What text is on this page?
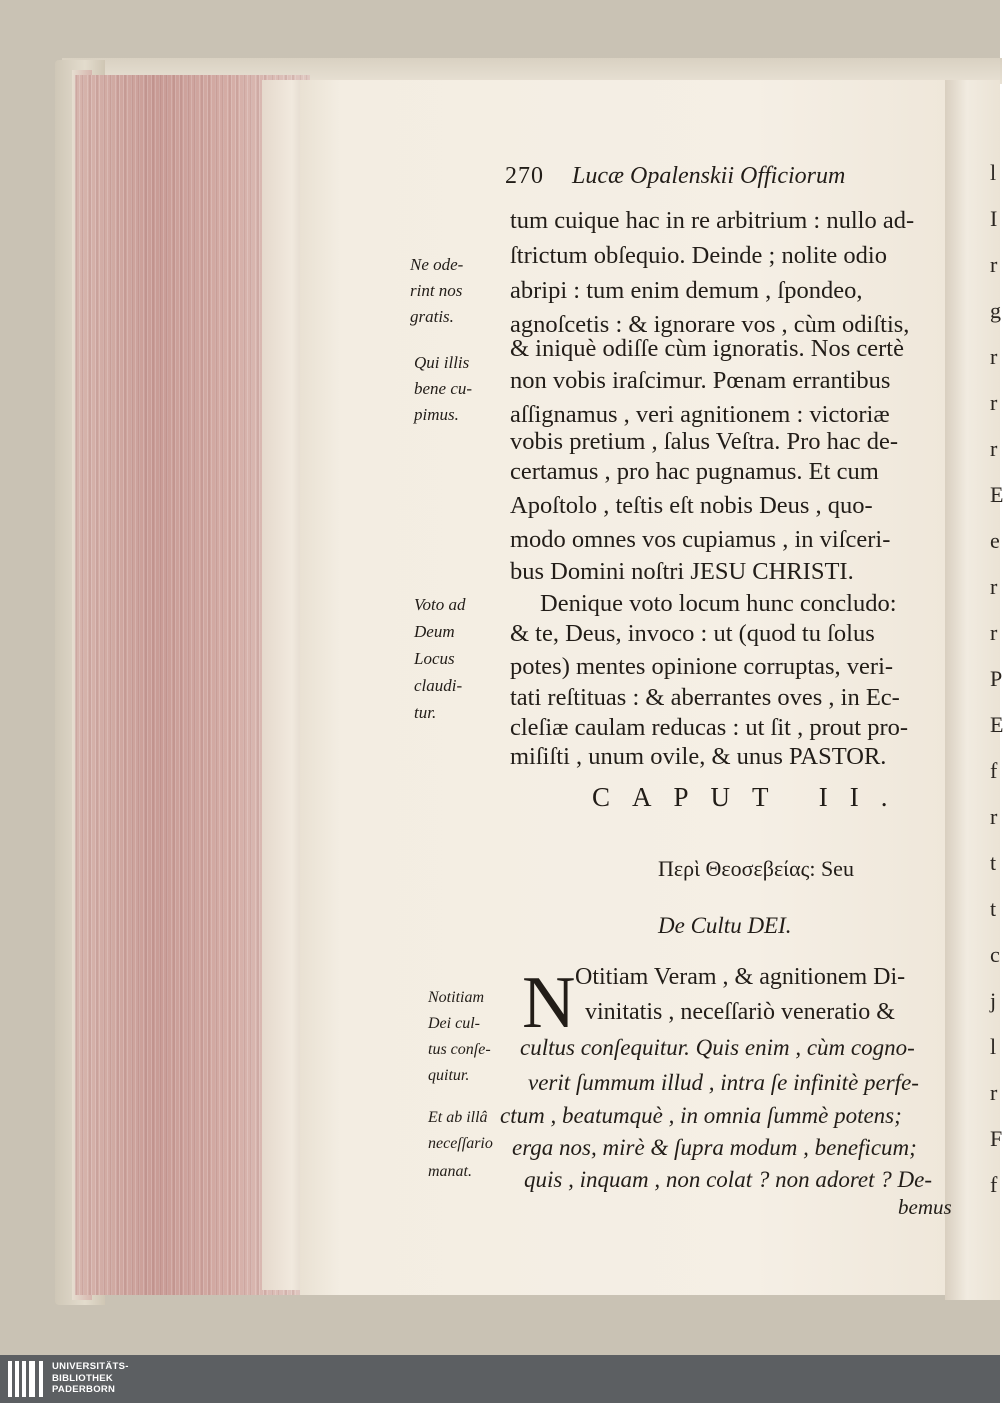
270 Lucæ Opalenskii Officiorum
tum cuique hac in re arbitrium : nullo ad-
ſtrictum obſequio. Deinde ; nolite odio
abripi : tum enim demum , ſpondeo,
agnoſcetis : & ignorare vos , cùm odiſtis,
& iniquè odiſſe cùm ignoratis. Nos certè
non vobis iraſcimur. Pœnam errantibus
aſſignamus , veri agnitionem : victoriæ
vobis pretium , ſalus Veſtra. Pro hac de-
certamus , pro hac pugnamus. Et cum
Apoſtolo , teſtis eſt nobis Deus , quo-
modo omnes vos cupiamus , in viſceri-
bus Domini noſtri JESU CHRISTI.
Denique voto locum hunc concludo:
& te, Deus, invoco : ut (quod tu ſolus
potes) mentes opinione corruptas, veri-
tati reſtituas : & aberrantes oves , in Ec-
cleſiæ caulam reducas : ut ſit , prout pro-
miſiſti , unum ovile, & unus PASTOR.
Ne ode-
rint nos
gratis.
Qui illis
bene cu-
pimus.
Voto ad
Deum
Locus
claudi-
tur.
CAPUT II.
Περὶ Θεοσεβείας: Seu
De Cultu DEI.
N Otitiam Veram , & agnitionem Di-
vinitatis , neceſſariò veneratio &
cultus conſequitur. Quis enim , cùm cogno-
verit ſummum illud , intra ſe infinitè perfe-
ctum , beatumquè , in omnia ſummè potens;
erga nos, mirè & ſupra modum , beneficum;
quis , inquam , non colat ? non adoret ? De-
bemus
Notitiam
Dei cul-
tus conſe-
quitur.
Et ab illâ
neceſſario
manat.
l
I
r
g
r
r
r
E
e
r
r
P
E
f
r
t
t
c
j
l
r
F
f
UNIVERSITÄTS-
BIBLIOTHEK
PADERBORN
